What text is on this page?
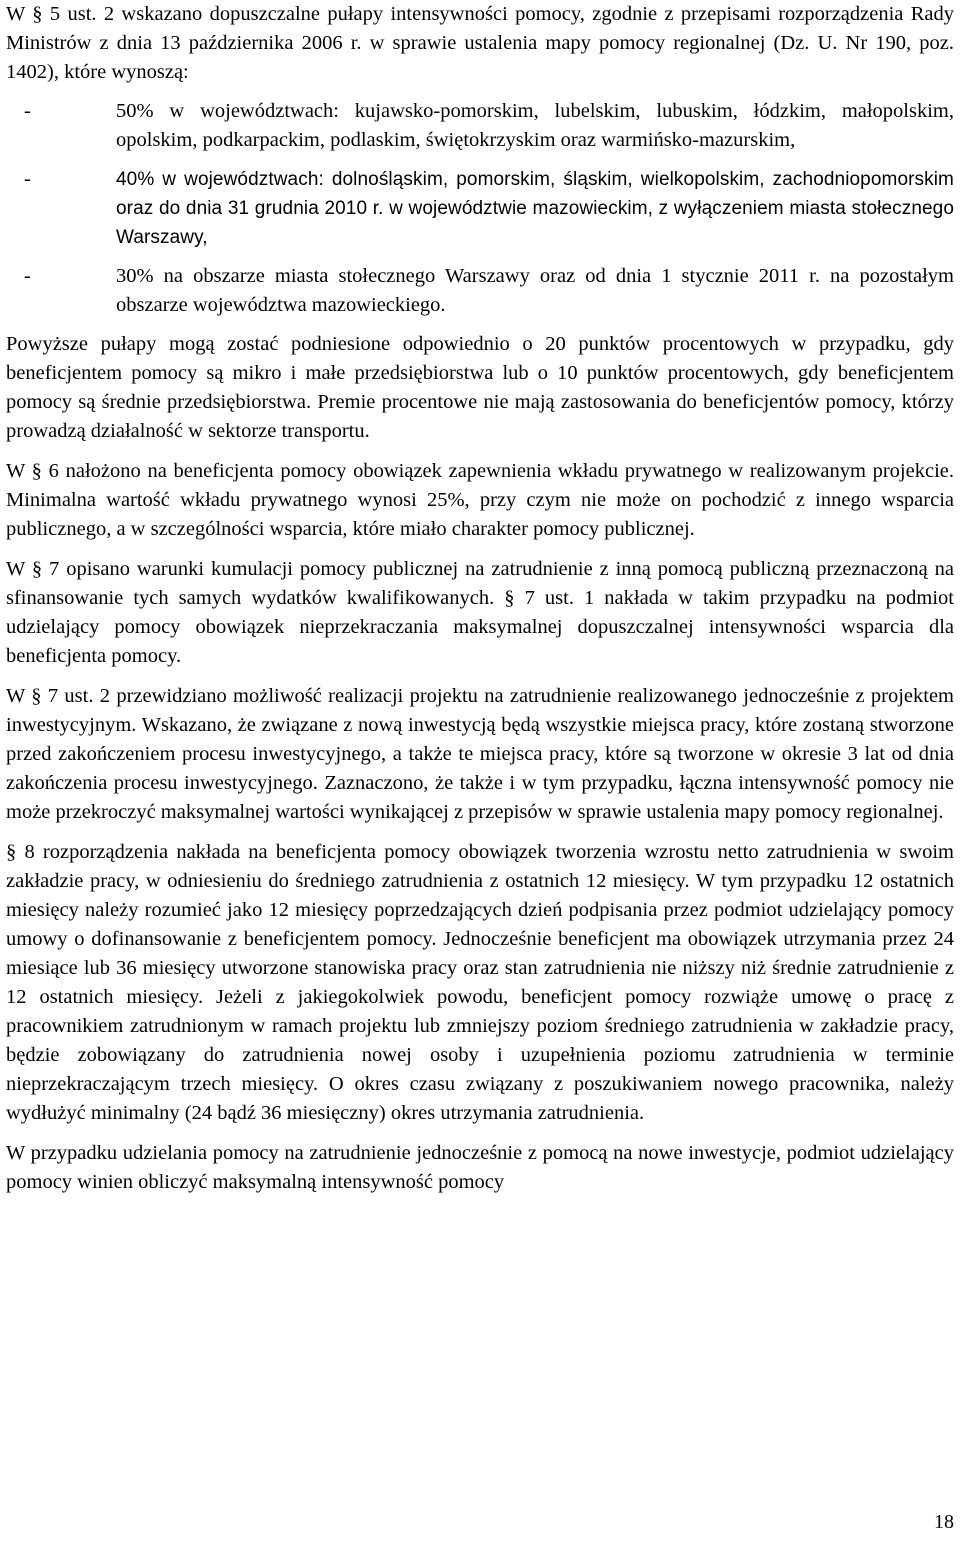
W § 5 ust. 2 wskazano dopuszczalne pułapy intensywności pomocy, zgodnie z przepisami rozporządzenia Rady Ministrów z dnia 13 października 2006 r. w sprawie ustalenia mapy pomocy regionalnej (Dz. U. Nr 190, poz. 1402), które wynoszą:

-	50% w województwach: kujawsko-pomorskim, lubelskim, lubuskim, łódzkim, małopolskim, opolskim, podkarpackim, podlaskim, świętokrzyskim oraz warmińsko-mazurskim,
-	40% w województwach: dolnośląskim, pomorskim, śląskim, wielkopolskim, zachodniopomorskim oraz do dnia 31 grudnia 2010 r. w województwie mazowieckim, z wyłączeniem miasta stołecznego Warszawy,
-	30% na obszarze miasta stołecznego Warszawy oraz od dnia 1 stycznie 2011 r. na pozostałym obszarze województwa mazowieckiego.

Powyższe pułapy mogą zostać podniesione odpowiednio o 20 punktów procentowych w przypadku, gdy beneficjentem pomocy są mikro i małe przedsiębiorstwa lub o 10 punktów procentowych, gdy beneficjentem pomocy są średnie przedsiębiorstwa. Premie procentowe nie mają zastosowania do beneficjentów pomocy, którzy prowadzą działalność w sektorze transportu.

W § 6 nałożono na beneficjenta pomocy obowiązek zapewnienia wkładu prywatnego w realizowanym projekcie. Minimalna wartość wkładu prywatnego wynosi 25%, przy czym nie może on pochodzić z innego wsparcia publicznego, a w szczególności wsparcia, które miało charakter pomocy publicznej.

W § 7 opisano warunki kumulacji pomocy publicznej na zatrudnienie z inną pomocą publiczną przeznaczoną na sfinansowanie tych samych wydatków kwalifikowanych. § 7 ust. 1 nakłada w takim przypadku na podmiot udzielający pomocy obowiązek nieprzekraczania maksymalnej dopuszczalnej intensywności wsparcia dla beneficjenta pomocy.

W § 7 ust. 2 przewidziano możliwość realizacji projektu na zatrudnienie realizowanego jednocześnie z projektem inwestycyjnym. Wskazano, że związane z nową inwestycją będą wszystkie miejsca pracy, które zostaną stworzone przed zakończeniem procesu inwestycyjnego, a także te miejsca pracy, które są tworzone w okresie 3 lat od dnia zakończenia procesu inwestycyjnego. Zaznaczono, że także i w tym przypadku, łączna intensywność pomocy nie może przekroczyć maksymalnej wartości wynikającej z przepisów w sprawie ustalenia mapy pomocy regionalnej.

§ 8 rozporządzenia nakłada na beneficjenta pomocy obowiązek tworzenia wzrostu netto zatrudnienia w swoim zakładzie pracy, w odniesieniu do średniego zatrudnienia z ostatnich 12 miesięcy. W tym przypadku 12 ostatnich miesięcy należy rozumieć jako 12 miesięcy poprzedzających dzień podpisania przez podmiot udzielający pomocy umowy o dofinansowanie z beneficjentem pomocy. Jednocześnie beneficjent ma obowiązek utrzymania przez 24 miesiące lub 36 miesięcy utworzone stanowiska pracy oraz stan zatrudnienia nie niższy niż średnie zatrudnienie z 12 ostatnich miesięcy. Jeżeli z jakiegokolwiek powodu, beneficjent pomocy rozwiąże umowę o pracę z pracownikiem zatrudnionym w ramach projektu lub zmniejszy poziom średniego zatrudnienia w zakładzie pracy, będzie zobowiązany do zatrudnienia nowej osoby i uzupełnienia poziomu zatrudnienia w terminie nieprzekraczającym trzech miesięcy. O okres czasu związany z poszukiwaniem nowego pracownika, należy wydłużyć minimalny (24 bądź 36 miesięczny) okres utrzymania zatrudnienia.

W przypadku udzielania pomocy na zatrudnienie jednocześnie z pomocą na nowe inwestycje, podmiot udzielający pomocy winien obliczyć maksymalną intensywność pomocy

18
